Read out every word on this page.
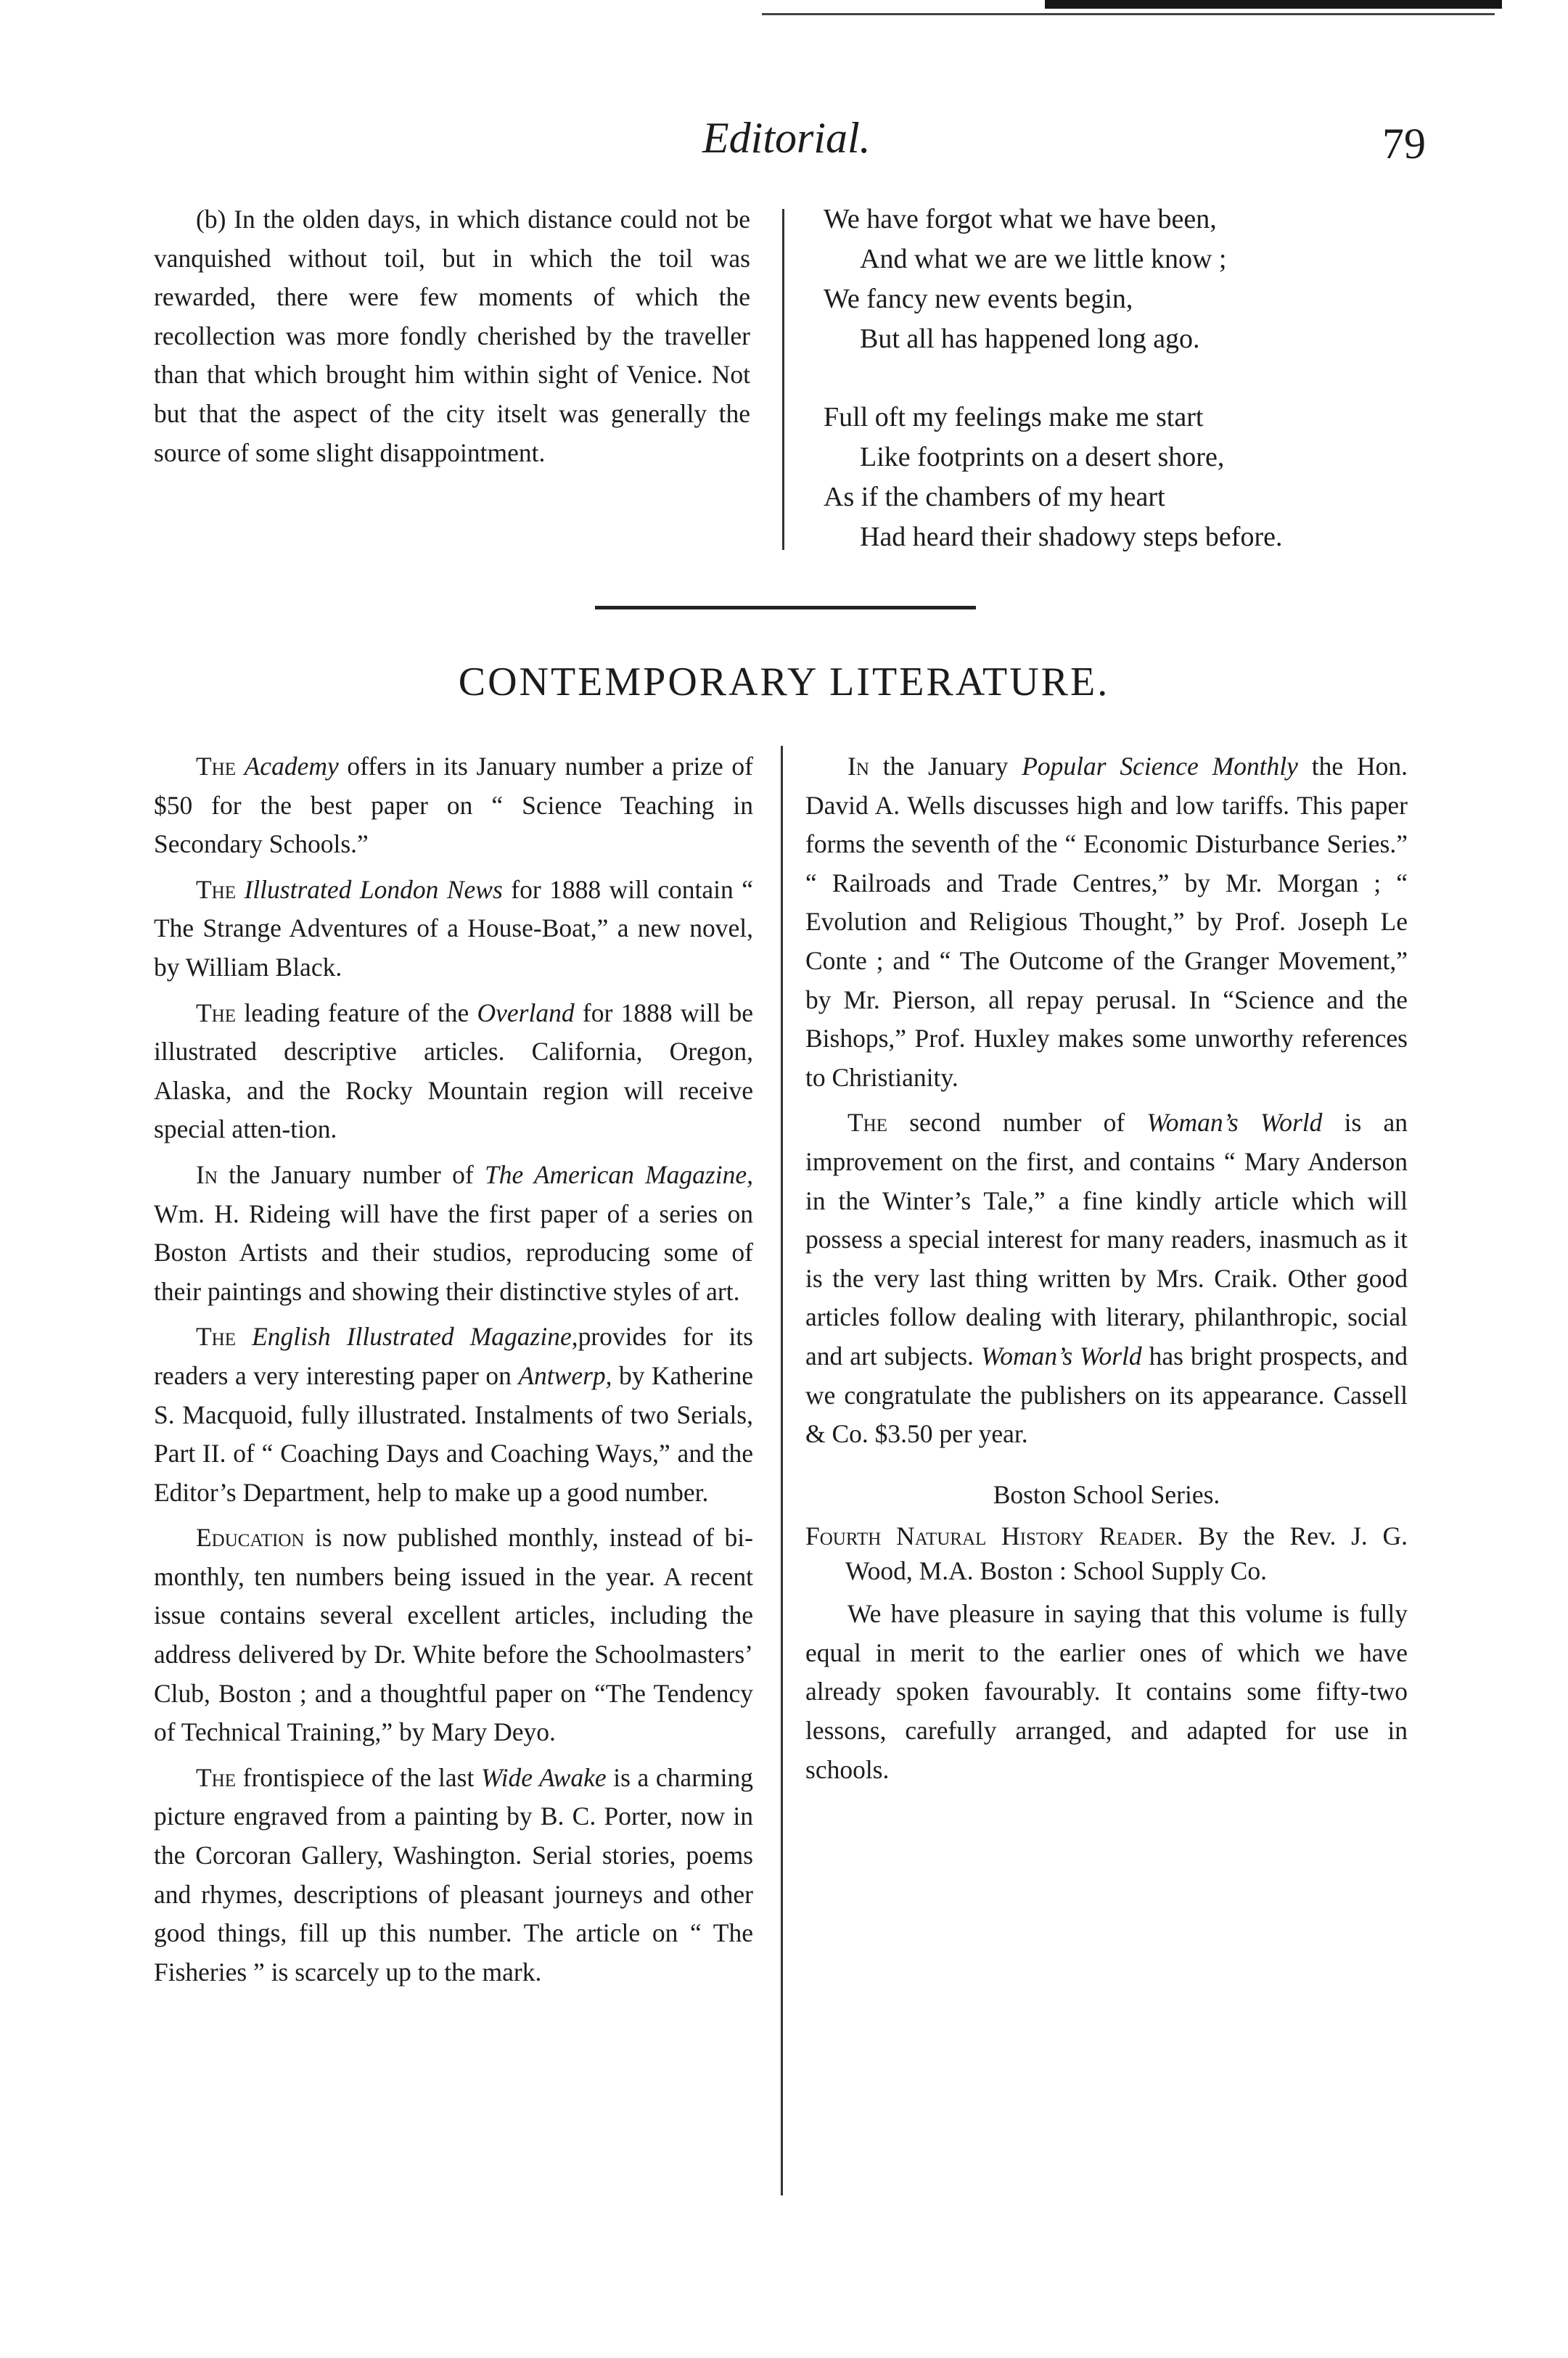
Editorial.	79

(b) In the olden days, in which distance could not be vanquished without toil, but in which the toil was rewarded, there were few moments of which the recollection was more fondly cherished by the traveller than that which brought him within sight of Venice. Not but that the aspect of the city itselt was generally the source of some slight disappointment.

We have forgot what we have been,
And what we are we little know ;
We fancy new events begin,
But all has happened long ago.
Full oft my feelings make me start
Like footprints on a desert shore,
As if the chambers of my heart
Had heard their shadowy steps before.
CONTEMPORARY LITERATURE.

The Academy offers in its January number a prize of $50 for the best paper on “ Science Teaching in Secondary Schools.”

The Illustrated London News for 1888 will contain “ The Strange Adventures of a House-Boat,” a new novel, by William Black.

The leading feature of the Overland for 1888 will be illustrated descriptive articles. California, Oregon, Alaska, and the Rocky Mountain region will receive special atten-tion.

In the January number of The American Magazine, Wm. H. Rideing will have the first paper of a series on Boston Artists and their studios, reproducing some of their paintings and showing their distinctive styles of art.

The English Illustrated Magazine,provides for its readers a very interesting paper on Antwerp, by Katherine S. Macquoid, fully illustrated. Instalments of two Serials, Part II. of “ Coaching Days and Coaching Ways,” and the Editor’s Department, help to make up a good number.

Education is now published monthly, instead of bi-monthly, ten numbers being issued in the year. A recent issue contains several excellent articles, including the address delivered by Dr. White before the Schoolmasters’ Club, Boston ; and a thoughtful paper on “The Tendency of Technical Training,” by Mary Deyo.

The frontispiece of the last Wide Awake is a charming picture engraved from a painting by B. C. Porter, now in the Corcoran Gallery, Washington. Serial stories, poems and rhymes, descriptions of pleasant journeys and other good things, fill up this number. The article on “ The Fisheries ” is scarcely up to the mark.

In the January Popular Science Monthly the Hon. David A. Wells discusses high and low tariffs. This paper forms the seventh of the “ Economic Disturbance Series.” “ Railroads and Trade Centres,” by Mr. Morgan ; “ Evolution and Religious Thought,” by Prof. Joseph Le Conte ; and “ The Outcome of the Granger Movement,” by Mr. Pierson, all repay perusal. In “Science and the Bishops,” Prof. Huxley makes some unworthy references to Christianity.

The second number of Woman’s World is an improvement on the first, and contains “ Mary Anderson in the Winter’s Tale,” a fine kindly article which will possess a special interest for many readers, inasmuch as it is the very last thing written by Mrs. Craik. Other good articles follow dealing with literary, philanthropic, social and art subjects. Woman’s World has bright prospects, and we congratulate the publishers on its appearance. Cassell & Co. $3.50 per year.

Boston School Series.

Fourth Natural History Reader. By the Rev. J. G. Wood, M.A. Boston : School Supply Co.

We have pleasure in saying that this volume is fully equal in merit to the earlier ones of which we have already spoken favourably. It contains some fifty-two lessons, carefully arranged, and adapted for use in schools.
